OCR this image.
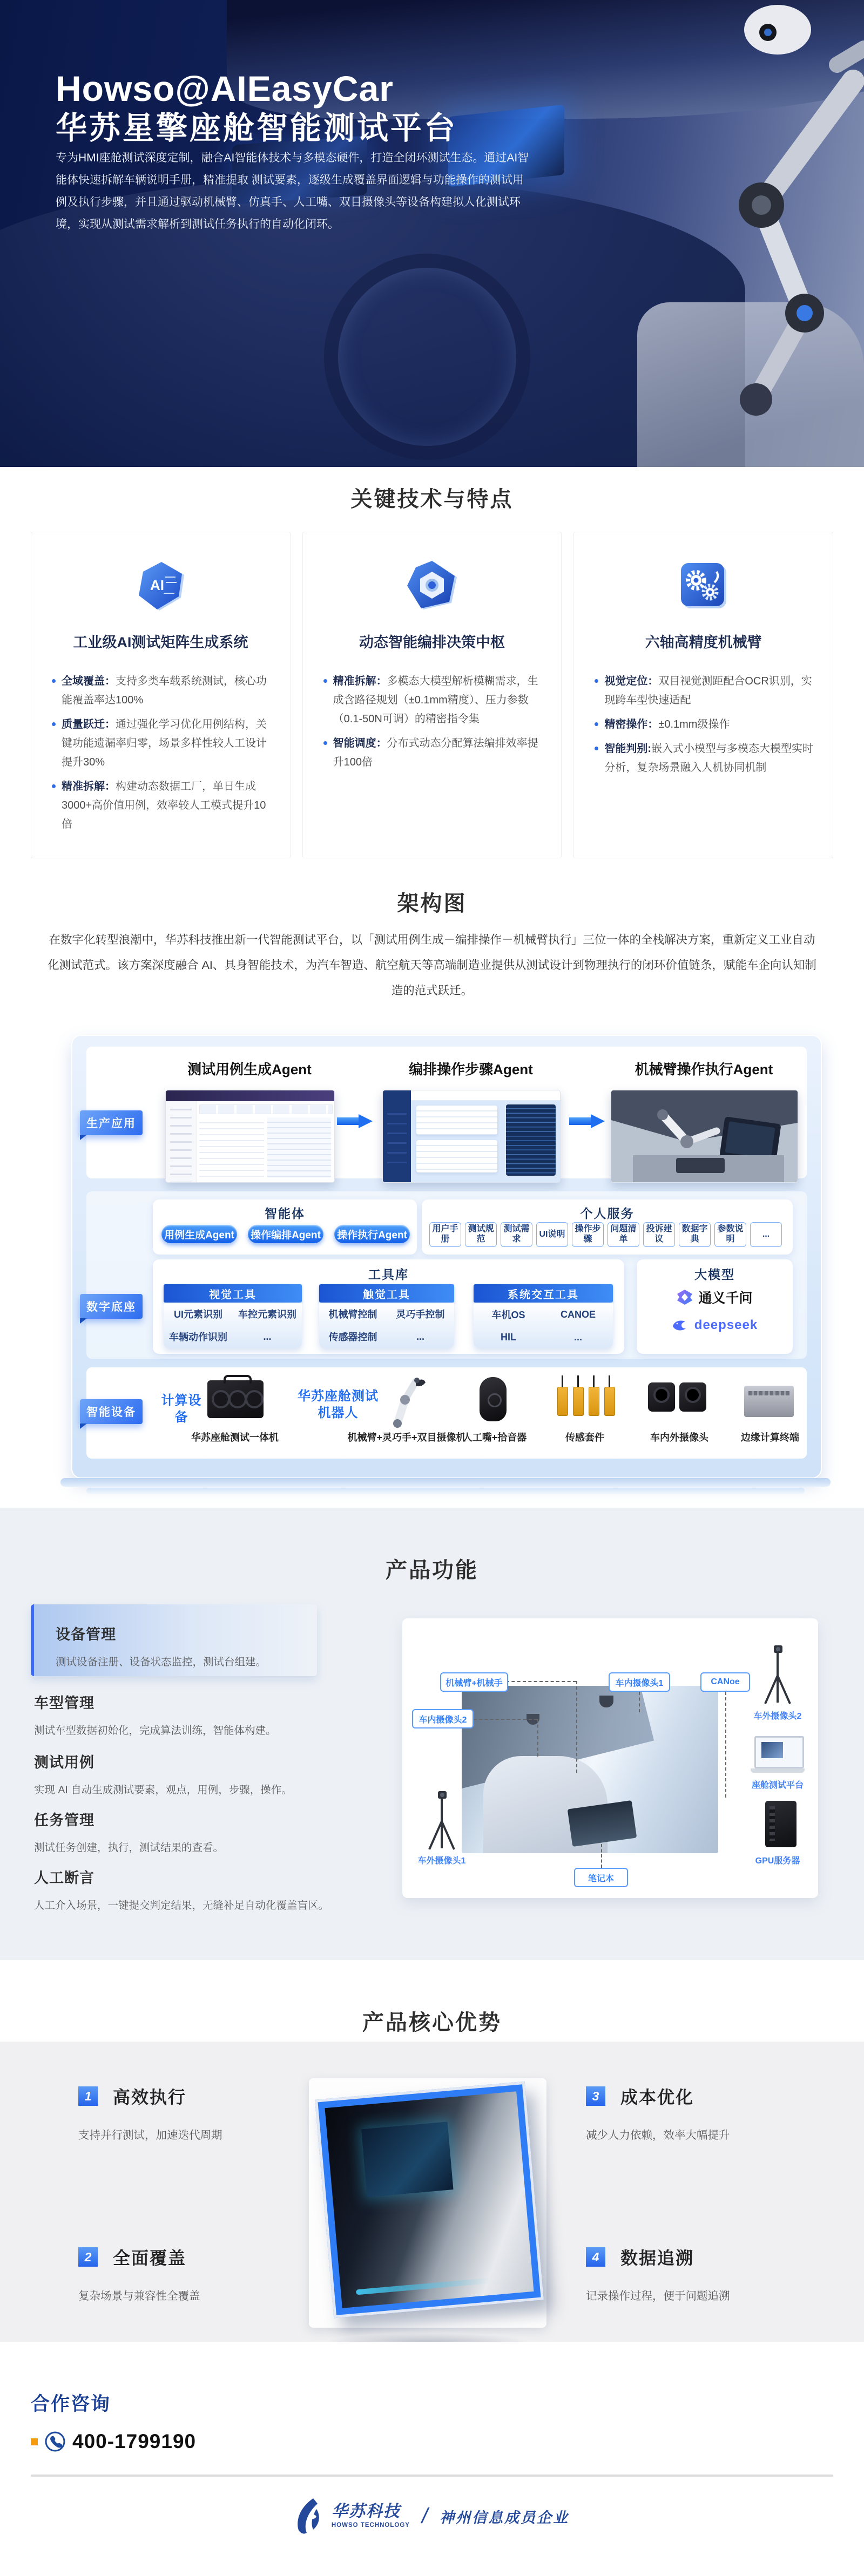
Howso@AIEasyCar
华苏星擎座舱智能测试平台
专为HMI座舱测试深度定制，融合AI智能体技术与多模态硬件，打造全闭环测试生态。通过AI智能体快速拆解车辆说明手册，精准提取 测试要素，逐级生成覆盖界面逻辑与功能操作的测试用例及执行步骤，并且通过驱动机械臂、仿真手、人工嘴、双目摄像头等设备构建拟人化测试环境，实现从测试需求解析到测试任务执行的自动化闭环。
关键技术与特点
AI
工业级AI测试矩阵生成系统
全域覆盖：支持多类车载系统测试，核心功能覆盖率达100%
质量跃迁：通过强化学习优化用例结构，关键功能遗漏率归零，场景多样性较人工设计提升30%
精准拆解：构建动态数据工厂，单日生成3000+高价值用例，效率较人工模式提升10倍
动态智能编排决策中枢
精准拆解：多模态大模型解析模糊需求，生成含路径规划（±0.1mm精度）、压力参数（0.1-50N可调）的精密指令集
智能调度：分布式动态分配算法编排效率提升100倍
六轴高精度机械臂
视觉定位：双目视觉测距配合OCR识别，实现跨车型快速适配
精密操作：±0.1mm级操作
智能判别:嵌入式小模型与多模态大模型实时分析，复杂场景融入人机协同机制
架构图
在数字化转型浪潮中，华苏科技推出新一代智能测试平台，以「测试用例生成－编排操作－机械臂执行」三位一体的全栈解决方案，重新定义工业自动化测试范式。该方案深度融合 AI、具身智能技术，为汽车智造、航空航天等高端制造业提供从测试设计到物理执行的闭环价值链条，赋能车企向认知制造的范式跃迁。
测试用例生成Agent	编排操作步骤Agent	机械臂操作执行Agent
生产应用
智能体
用例生成Agent 操作编排Agent 操作执行Agent
个人服务
用户手册
测试规范
测试需求
UI说明
操作步骤
问题清单
投诉建议
数据字典
参数说明
...
工具库
视觉工具
UI元素识别	车控元素识别
车辆动作识别	...
触觉工具
机械臂控制	灵巧手控制
传感器控制	...
系统交互工具
车机OS	CANOE
HIL	...
大模型
通义千问
deepseek
数字底座
计算设备
华苏座舱测试一体机
华苏座舱测试机器人
机械臂+灵巧手+双目摄像机
人工嘴+拾音器	传感套件	车内外摄像头	边缘计算终端
智能设备
产品功能
设备管理
测试设备注册、设备状态监控，测试台组建。
车型管理
测试车型数据初始化，完成算法训练，智能体构建。
测试用例
实现 AI 自动生成测试要素，观点，用例，步骤，操作。
任务管理
测试任务创建，执行，测试结果的查看。
人工断言
人工介入场景，一键提交判定结果，无缝补足自动化覆盖盲区。
机械臂+机械手	车内摄像头1	CANoe
车内摄像头2
笔记本
车外摄像头2
座舱测试平台
GPU服务器
车外摄像头1
产品核心优势
1	高效执行
支持并行测试，加速迭代周期
2	全面覆盖
复杂场景与兼容性全覆盖
3	成本优化
减少人力依赖，效率大幅提升
4	数据追溯
记录操作过程，便于问题追溯
合作咨询
400-1799190
华苏科技
HOWSO TECHNOLOGY / 神州信息成员企业
